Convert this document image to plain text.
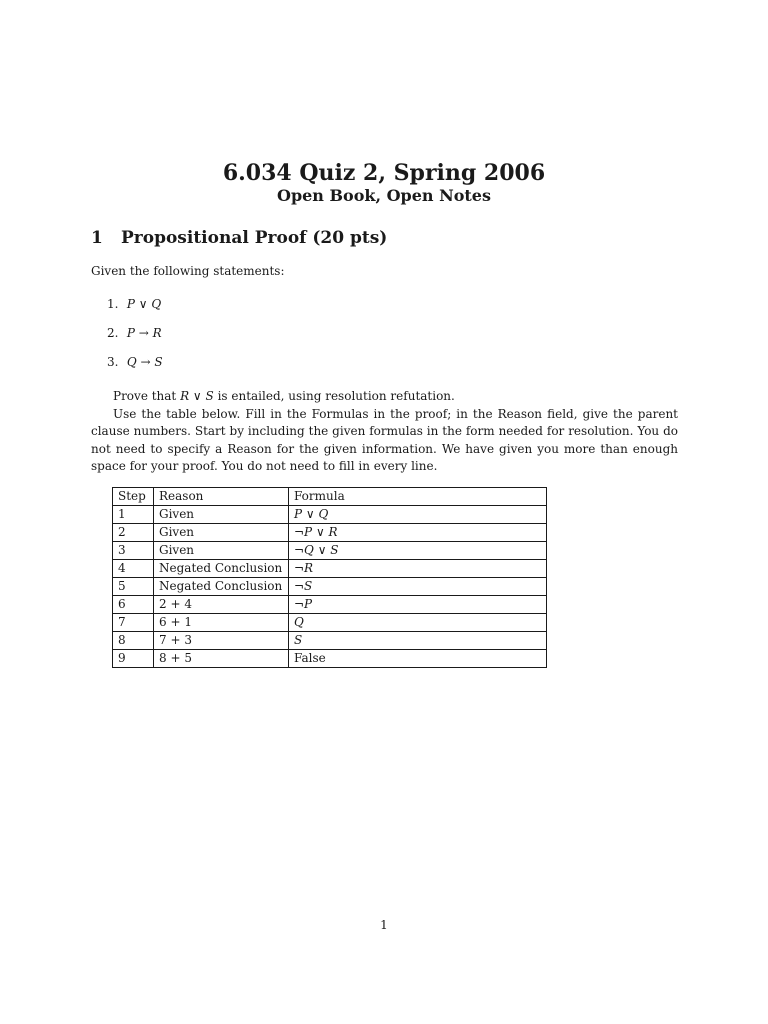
6.034 Quiz 2, Spring 2006
Open Book, Open Notes
1 Propositional Proof (20 pts)

Given the following statements:

1. P ∨ Q
2. P → R
3. Q → S

Prove that R ∨ S is entailed, using resolution refutation.

Use the table below. Fill in the Formulas in the proof; in the Reason field, give the parent clause numbers. Start by including the given formulas in the form needed for resolution. You do not need to specify a Reason for the given information. We have given you more than enough space for your proof. You do not need to fill in every line.

Step	Reason	Formula
1	Given	P ∨ Q
2	Given	¬P ∨ R
3	Given	¬Q ∨ S
4	Negated Conclusion	¬R
5	Negated Conclusion	¬S
6	2 + 4	¬P
7	6 + 1	Q
8	7 + 3	S
9	8 + 5	False

1
